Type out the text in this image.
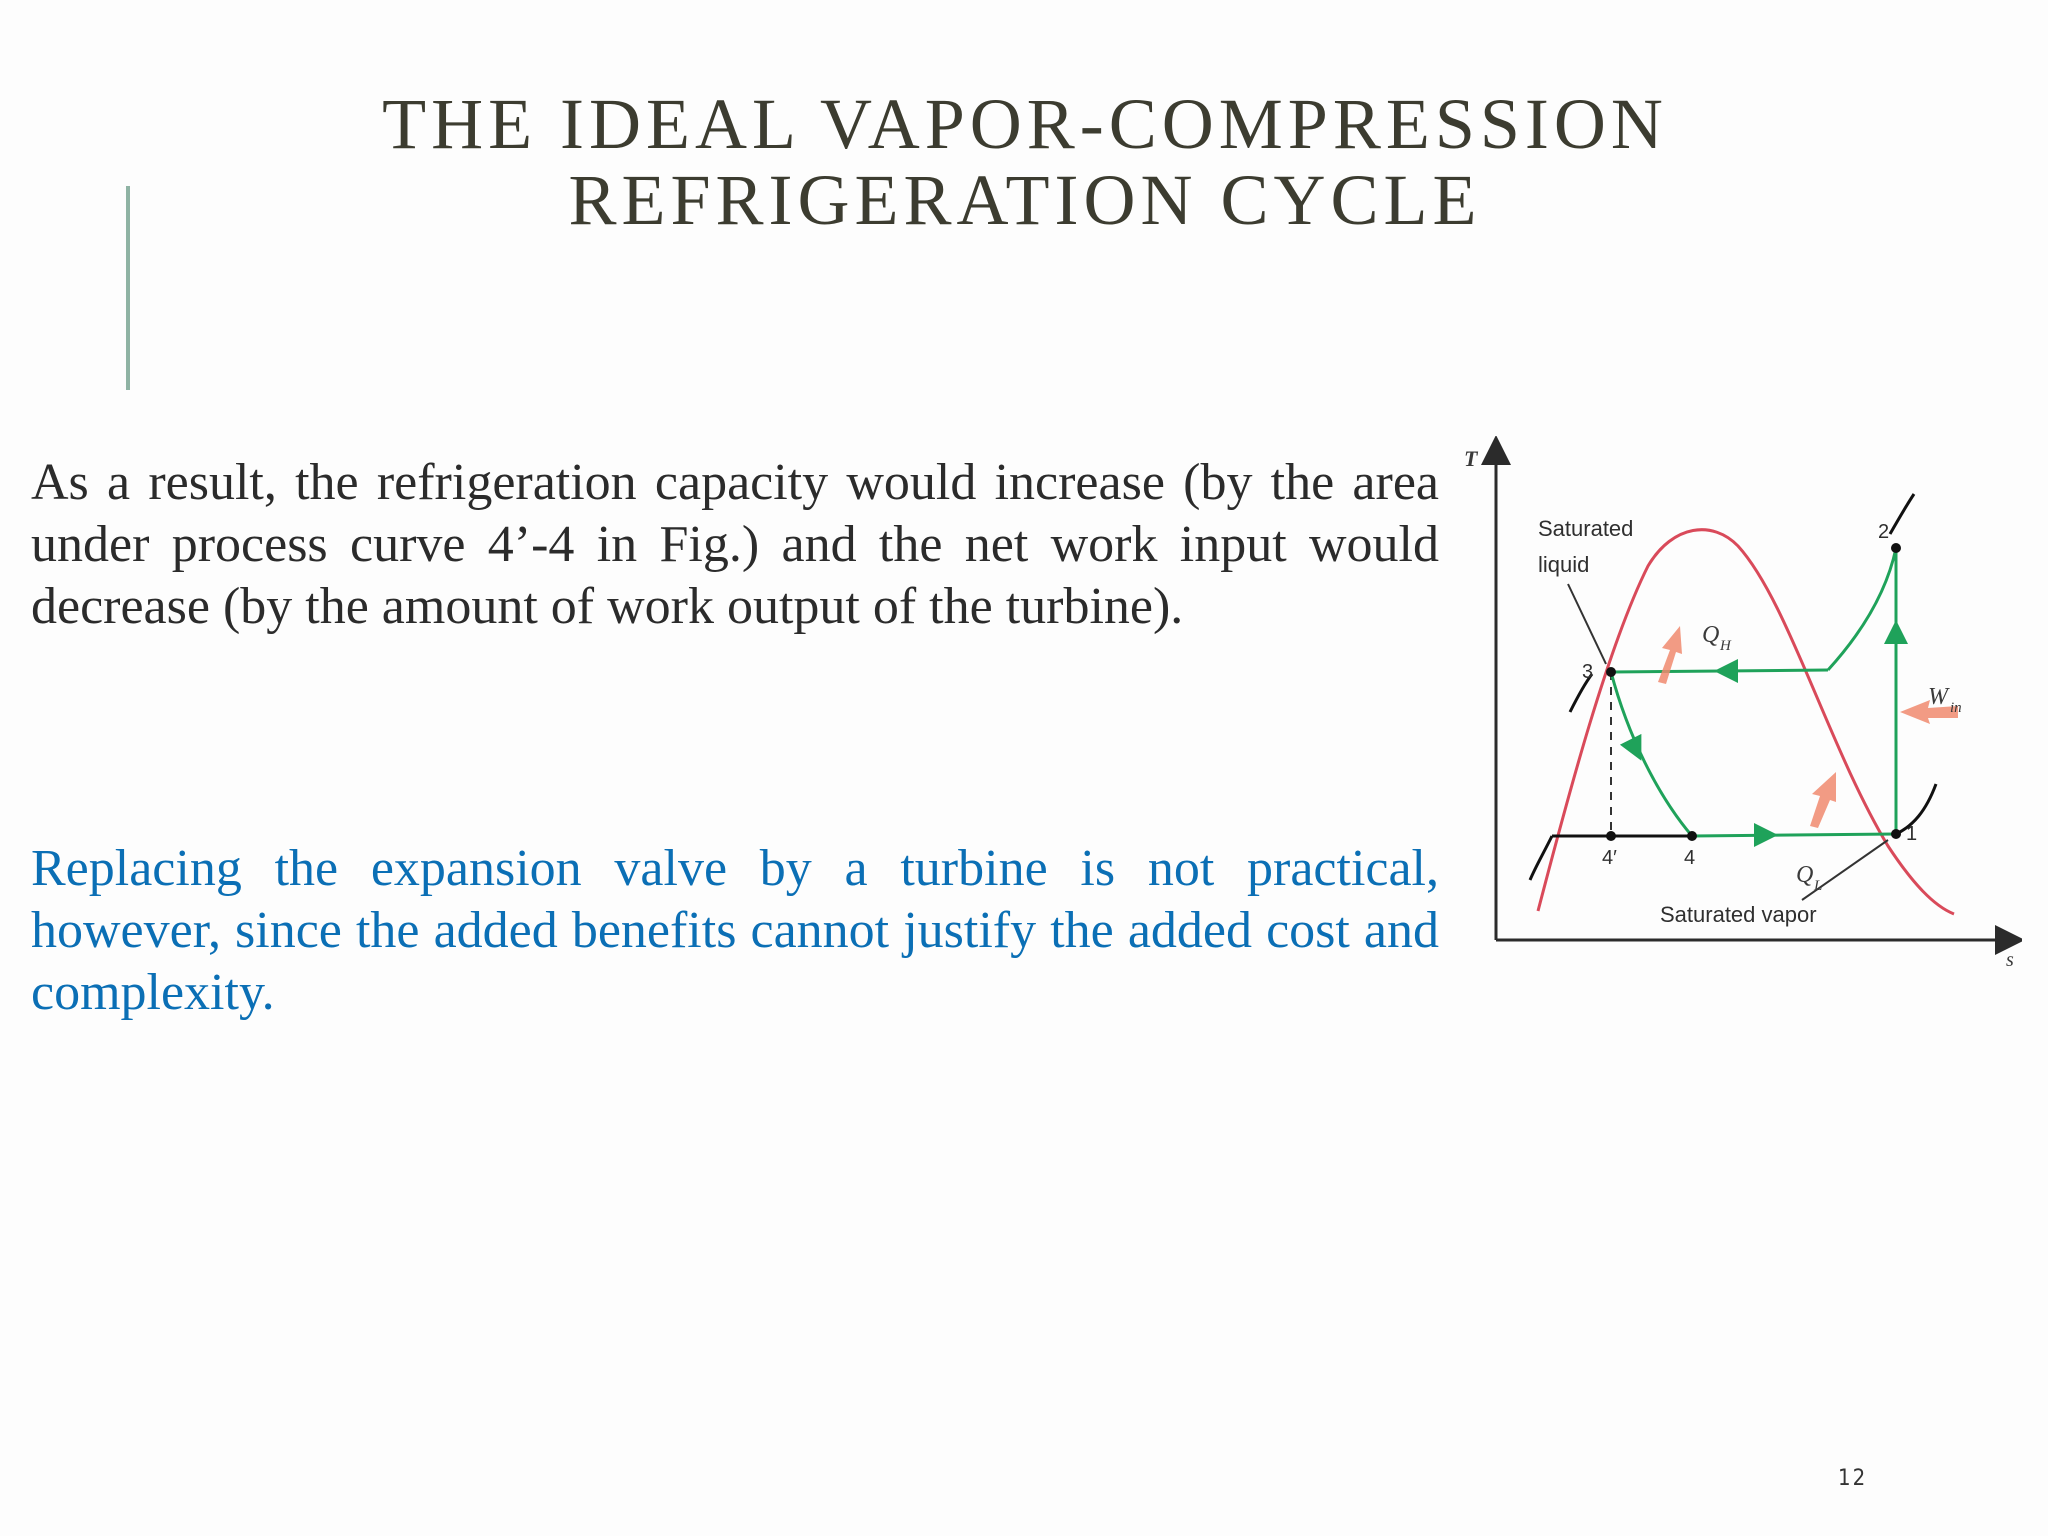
THE IDEAL VAPOR-COMPRESSION REFRIGERATION CYCLE

As a result, the refrigeration capacity would increase (by the area under process curve 4’-4 in Fig.) and the net work input would decrease (by the amount of work output of the turbine).

Replacing the expansion valve by a turbine is not practical, however, since the added benefits cannot justify the added cost and complexity.

T
s
1
2
3
4
4′
Saturated
liquid
Saturated vapor
Q H
Q L
W in
12
